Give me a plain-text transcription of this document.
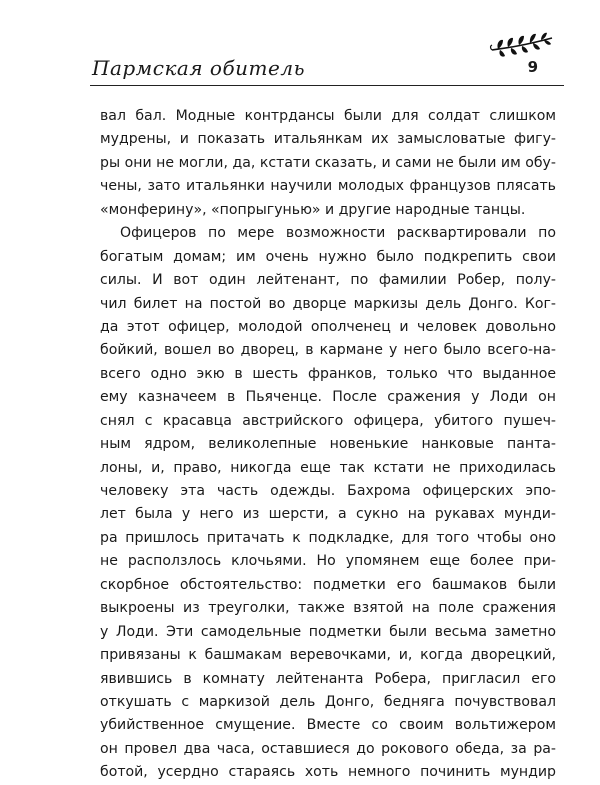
Пармская обитель	9
вал бал. Модные контрдансы были для солдат слишком
мудрены, и показать итальянкам их замысловатые фигу-
ры они не могли, да, кстати сказать, и сами не были им обу-
чены, зато итальянки научили молодых французов плясать
«монферину», «попрыгунью» и другие народные танцы.
Офицеров по мере возможности расквартировали по
богатым домам; им очень нужно было подкрепить свои
силы. И вот один лейтенант, по фамилии Робер, полу-
чил билет на постой во дворце маркизы дель Донго. Ког-
да этот офицер, молодой ополченец и человек довольно
бойкий, вошел во дворец, в кармане у него было всего-на-
всего одно экю в шесть франков, только что выданное
ему казначеем в Пьяченце. После сражения у Лоди он
снял с красавца австрийского офицера, убитого пушеч-
ным ядром, великолепные новенькие нанковые панта-
лоны, и, право, никогда еще так кстати не приходилась
человеку эта часть одежды. Бахрома офицерских эпо-
лет была у него из шерсти, а сукно на рукавах мунди-
ра пришлось притачать к подкладке, для того чтобы оно
не расползлось клочьями. Но упомянем еще более при-
скорбное обстоятельство: подметки его башмаков были
выкроены из треуголки, также взятой на поле сражения
у Лоди. Эти самодельные подметки были весьма заметно
привязаны к башмакам веревочками, и, когда дворецкий,
явившись в комнату лейтенанта Робера, пригласил его
откушать с маркизой дель Донго, бедняга почувствовал
убийственное смущение. Вместе со своим вольтижером
он провел два часа, оставшиеся до рокового обеда, за ра-
ботой, усердно стараясь хоть немного починить мундир
